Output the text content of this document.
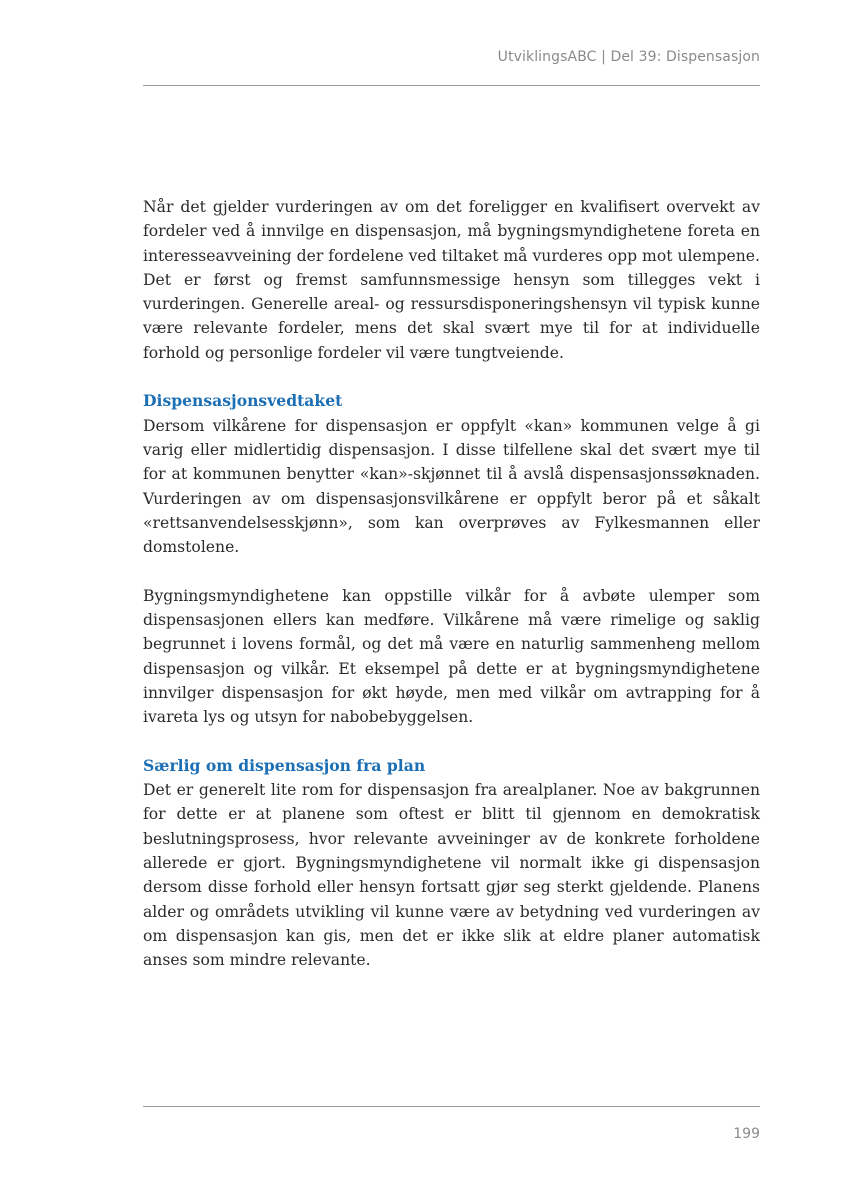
UtviklingsABC | Del 39: Dispensasjon

Når det gjelder vurderingen av om det foreligger en kvalifisert overvekt av fordeler ved å innvilge en dispensasjon, må bygningsmyndighetene foreta en interesseavveining der fordelene ved tiltaket må vurderes opp mot ulempene. Det er først og fremst samfunnsmessige hensyn som tillegges vekt i vurderingen. Generelle areal- og ressursdisponeringshensyn vil typisk kunne være relevante fordeler, mens det skal svært mye til for at individuelle forhold og personlige fordeler vil være tungtveiende.

Dispensasjonsvedtaket

Dersom vilkårene for dispensasjon er oppfylt «kan» kommunen velge å gi varig eller midlertidig dispensasjon. I disse tilfellene skal det svært mye til for at kommunen benytter «kan»-skjønnet til å avslå dispensasjonssøknaden. Vurderingen av om dispensasjonsvilkårene er oppfylt beror på et såkalt «rettsanvendelsesskjønn», som kan overprøves av Fylkesmannen eller domstolene.

Bygningsmyndighetene kan oppstille vilkår for å avbøte ulemper som dispensasjonen ellers kan medføre. Vilkårene må være rimelige og saklig begrunnet i lovens formål, og det må være en naturlig sammenheng mellom dispensasjon og vilkår. Et eksempel på dette er at bygningsmyndighetene innvilger dispensasjon for økt høyde, men med vilkår om avtrapping for å ivareta lys og utsyn for nabobebyggelsen.

Særlig om dispensasjon fra plan

Det er generelt lite rom for dispensasjon fra arealplaner. Noe av bakgrunnen for dette er at planene som oftest er blitt til gjennom en demokratisk beslutningsprosess, hvor relevante avveininger av de konkrete forholdene allerede er gjort. Bygningsmyndighetene vil normalt ikke gi dispensasjon dersom disse forhold eller hensyn fortsatt gjør seg sterkt gjeldende. Planens alder og områdets utvikling vil kunne være av betydning ved vurderingen av om dispensasjon kan gis, men det er ikke slik at eldre planer automatisk anses som mindre relevante.

199
